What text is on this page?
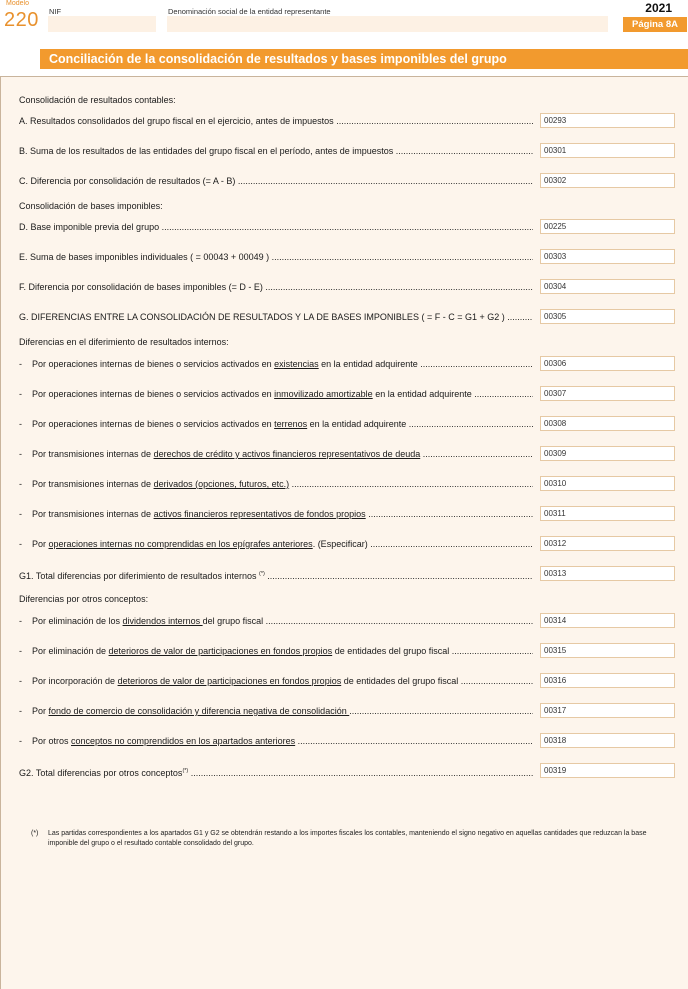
Modelo
220 NIF	Denominación social de la entidad representante	2021
Página 8A
Conciliación de la consolidación de resultados y bases imponibles del grupo
Consolidación de resultados contables:
A. Resultados consolidados del grupo fiscal en el ejercicio, antes de impuestos .....	00293
B. Suma de los resultados de las entidades del grupo fiscal en el período, antes de impuestos .....	00301
C. Diferencia por consolidación de resultados (= A - B) .....	00302
Consolidación de bases imponibles:
D. Base imponible previa del grupo .....	00225
E. Suma de bases imponibles individuales ( = 00043 + 00049 ) .....	00303
F. Diferencia por consolidación de bases imponibles (= D - E) .....	00304
G. DIFERENCIAS ENTRE LA CONSOLIDACIÓN DE RESULTADOS Y LA DE BASES IMPONIBLES ( = F - C = G1 + G2 ) .....	00305
Diferencias en el diferimiento de resultados internos:
- Por operaciones internas de bienes o servicios activados en existencias en la entidad adquirente .....	00306
- Por operaciones internas de bienes o servicios activados en inmovilizado amortizable en la entidad adquirente .....	00307
- Por operaciones internas de bienes o servicios activados en terrenos en la entidad adquirente .....	00308
- Por transmisiones internas de derechos de crédito y activos financieros representativos de deuda .....	00309
- Por transmisiones internas de derivados (opciones, futuros, etc.) .....	00310
- Por transmisiones internas de activos financieros representativos de fondos propios .....	00311
- Por operaciones internas no comprendidas en los epígrafes anteriores. (Especificar) .....	00312
G1. Total diferencias por diferimiento de resultados internos (*) .....	00313
Diferencias por otros conceptos:
- Por eliminación de los dividendos internos del grupo fiscal .....	00314
- Por eliminación de deterioros de valor de participaciones en fondos propios de entidades del grupo fiscal .....	00315
- Por incorporación de deterioros de valor de participaciones en fondos propios de entidades del grupo fiscal .....	00316
- Por fondo de comercio de consolidación y diferencia negativa de consolidación .....	00317
- Por otros conceptos no comprendidos en los apartados anteriores .....	00318
G2. Total diferencias por otros conceptos(*) .....	00319
(*) Las partidas correspondientes a los apartados G1 y G2 se obtendrán restando a los importes fiscales los contables, manteniendo el signo negativo en aquellas cantidades que reduzcan la base imponible del grupo o el resultado contable consolidado del grupo.
